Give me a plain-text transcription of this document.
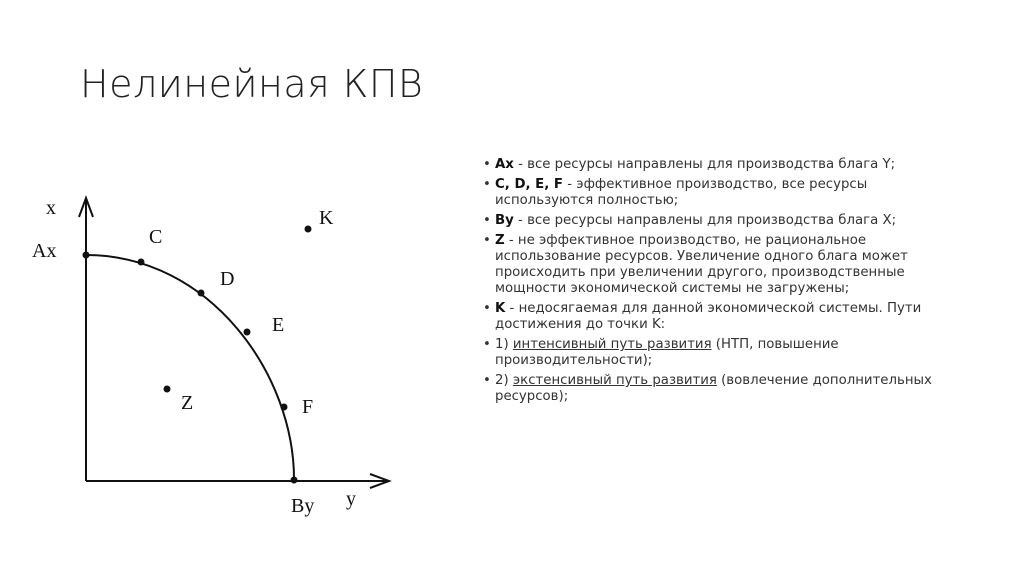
Нелинейная КПВ
x
Ax
C
D
E
F
K
Z
By y
• Ax - все ресурсы направлены для производства блага Y;
• C, D, E, F - эффективное производство, все ресурсы используются полностью;
• By - все ресурсы направлены для производства блага X;
• Z - не эффективное производство, не рациональное использование ресурсов. Увеличение одного блага может происходить при увеличении другого, производственные мощности экономической системы не загружены;
• K - недосягаемая для данной экономической системы. Пути достижения до точки K:
• 1) интенсивный путь развития (НТП, повышение производительности);
• 2) экстенсивный путь развития (вовлечение дополнительных ресурсов);
